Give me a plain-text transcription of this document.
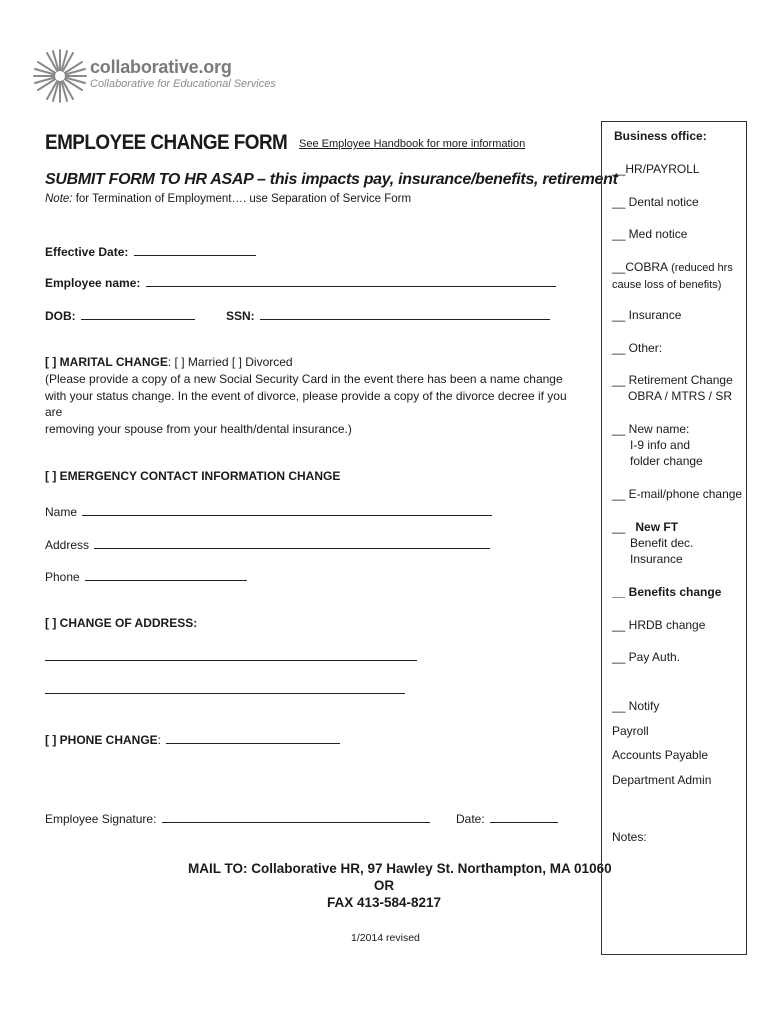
collaborative.org
Collaborative for Educational Services
EMPLOYEE CHANGE FORM See Employee Handbook for more information
SUBMIT FORM TO HR ASAP – this impacts pay, insurance/benefits, retirement
Note: for Termination of Employment…. use Separation of Service Form
Effective Date:
Employee name:
DOB:	SSN:
[ ] MARITAL CHANGE: [ ] Married [ ] Divorced
(Please provide a copy of a new Social Security Card in the event there has been a name change
with your status change. In the event of divorce, please provide a copy of the divorce decree if you are
removing your spouse from your health/dental insurance.)
[ ] EMERGENCY CONTACT INFORMATION CHANGE
Name
Address
Phone
[ ] CHANGE OF ADDRESS:
[ ] PHONE CHANGE:
Employee Signature:	Date:
MAIL TO: Collaborative HR, 97 Hawley St. Northampton, MA 01060
OR
FAX 413-584-8217
1/2014 revised
Business office:
__HR/PAYROLL
__ Dental notice
__ Med notice
__COBRA (reduced hrs
cause loss of benefits)
__ Insurance
__ Other:
__ Retirement Change
OBRA / MTRS / SR
__ New name:
I-9 info and
folder change
__ E-mail/phone change
__ New FT
Benefit dec.
Insurance
__ Benefits change
__ HRDB change
__ Pay Auth.
__ Notify
Payroll
Accounts Payable
Department Admin
Notes:
